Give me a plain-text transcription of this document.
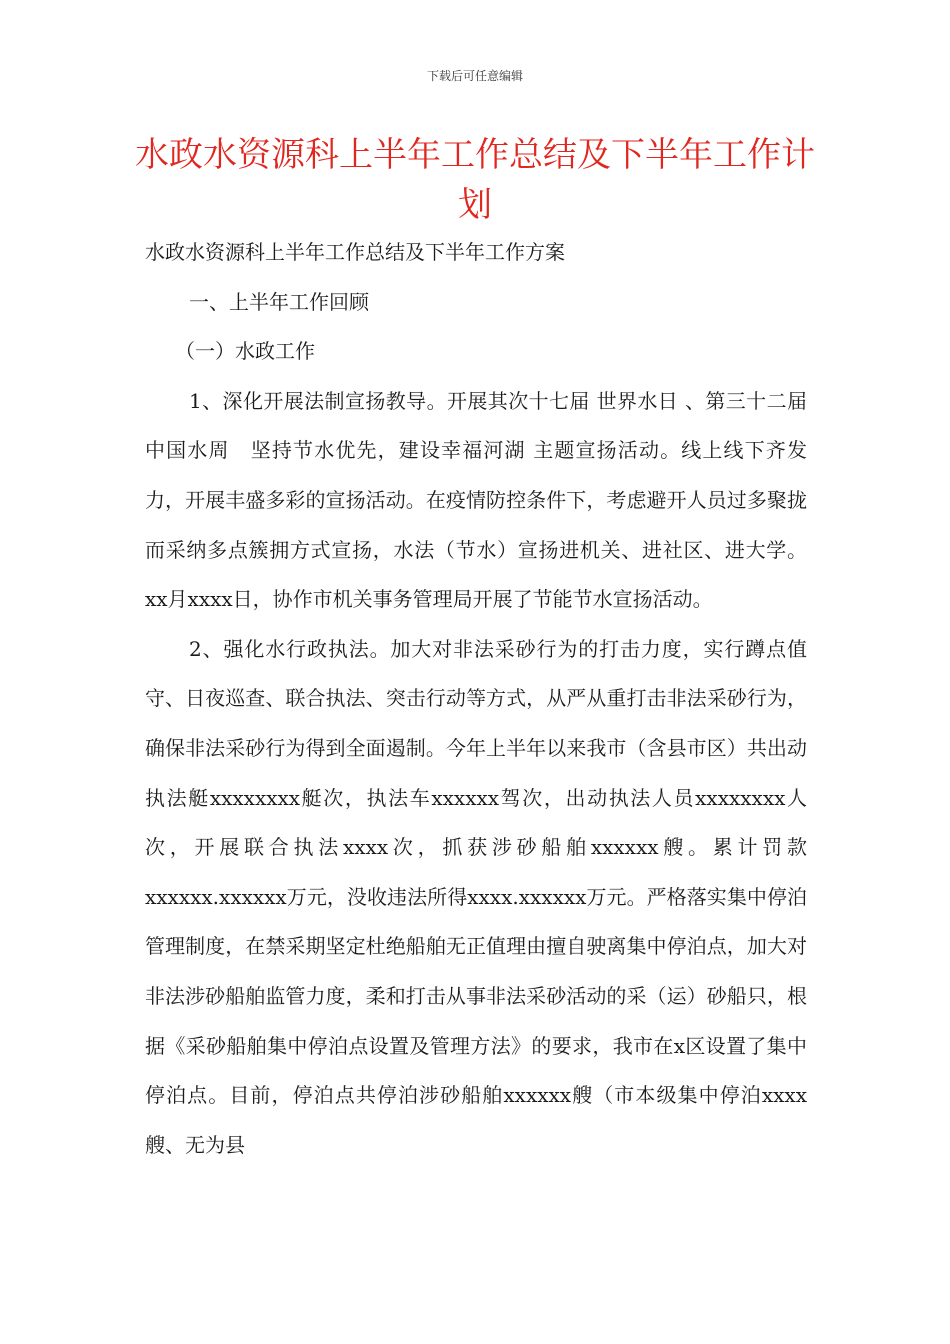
下载后可任意编辑
水政水资源科上半年工作总结及下半年工作计划

水政水资源科上半年工作总结及下半年工作方案

一、上半年工作回顾

（一）水政工作

1、深化开展法制宣扬教导。开展其次十七届 世界水日 、第三十二届 中国水周　坚持节水优先，建设幸福河湖 主题宣扬活动。线上线下齐发力，开展丰盛多彩的宣扬活动。在疫情防控条件下，考虑避开人员过多聚拢而采纳多点簇拥方式宣扬，水法（节水）宣扬进机关、进社区、进大学。xx月xxxx日，协作市机关事务管理局开展了节能节水宣扬活动。

2、强化水行政执法。加大对非法采砂行为的打击力度，实行蹲点值守、日夜巡查、联合执法、突击行动等方式，从严从重打击非法采砂行为，确保非法采砂行为得到全面遏制。今年上半年以来我市（含县市区）共出动执法艇xxxxxxxx艇次，执法车xxxxxx驾次，出动执法人员xxxxxxxx人次，开展联合执法xxxx次，抓获涉砂船舶xxxxxx艘。累计罚款xxxxxx.xxxxxx万元，没收违法所得xxxx.xxxxxx万元。严格落实集中停泊管理制度，在禁采期坚定杜绝船舶无正值理由擅自驶离集中停泊点，加大对非法涉砂船舶监管力度，柔和打击从事非法采砂活动的采（运）砂船只，根据《采砂船舶集中停泊点设置及管理方法》的要求，我市在x区设置了集中停泊点。目前，停泊点共停泊涉砂船舶xxxxxx艘（市本级集中停泊xxxx艘、无为县
